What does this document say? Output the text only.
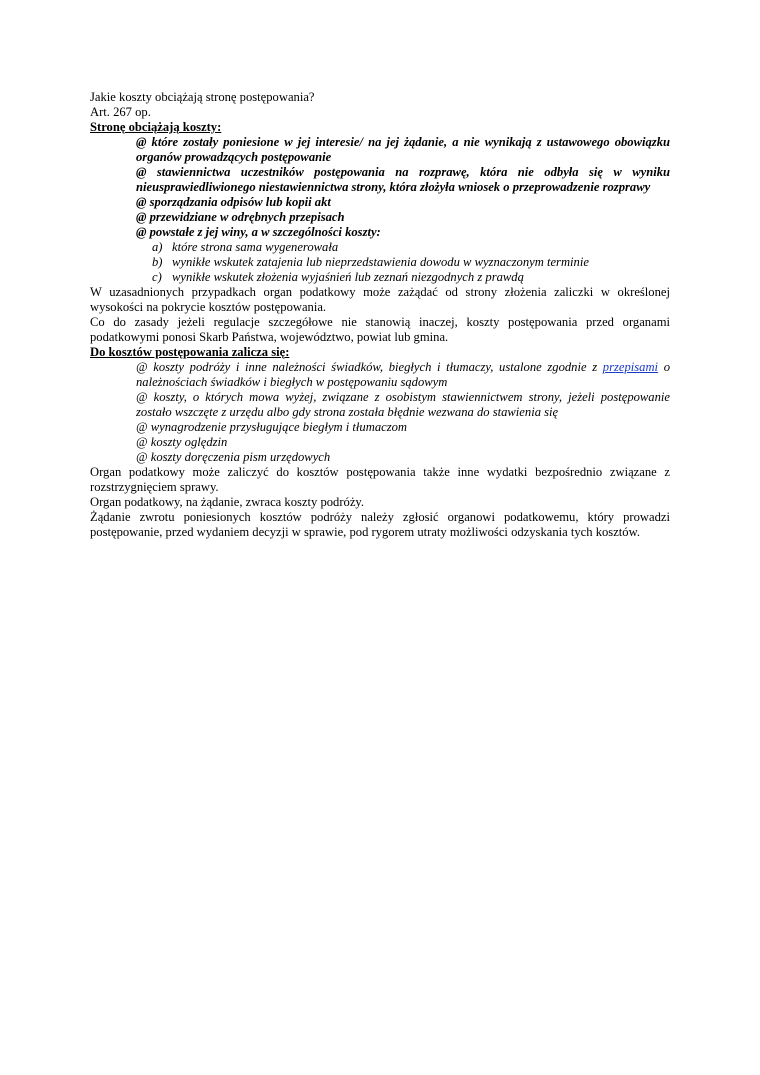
Jakie koszty obciążają stronę postępowania?

Art. 267 op.

Stronę obciążają koszty:

@ które zostały poniesione w jej interesie/ na jej żądanie, a nie wynikają z ustawowego obowiązku organów prowadzących postępowanie

@ stawiennictwa uczestników postępowania na rozprawę, która nie odbyła się w wyniku nieusprawiedliwionego niestawiennictwa strony, która złożyła wniosek o przeprowadzenie rozprawy

@ sporządzania odpisów lub kopii akt

@ przewidziane w odrębnych przepisach

@ powstałe z jej winy, a w szczególności koszty:

a) które strona sama wygenerowała
b) wynikłe wskutek zatajenia lub nieprzedstawienia dowodu w wyznaczonym terminie
c) wynikłe wskutek złożenia wyjaśnień lub zeznań niezgodnych z prawdą

W uzasadnionych przypadkach organ podatkowy może zażądać od strony złożenia zaliczki w określonej wysokości na pokrycie kosztów postępowania.

Co do zasady jeżeli regulacje szczegółowe nie stanowią inaczej, koszty postępowania przed organami podatkowymi ponosi Skarb Państwa, województwo, powiat lub gmina.

Do kosztów postępowania zalicza się:

@ koszty podróży i inne należności świadków, biegłych i tłumaczy, ustalone zgodnie z przepisami o należnościach świadków i biegłych w postępowaniu sądowym

@ koszty, o których mowa wyżej, związane z osobistym stawiennictwem strony, jeżeli postępowanie zostało wszczęte z urzędu albo gdy strona została błędnie wezwana do stawienia się

@ wynagrodzenie przysługujące biegłym i tłumaczom

@ koszty oględzin

@ koszty doręczenia pism urzędowych

Organ podatkowy może zaliczyć do kosztów postępowania także inne wydatki bezpośrednio związane z rozstrzygnięciem sprawy.

Organ podatkowy, na żądanie, zwraca koszty podróży.

Żądanie zwrotu poniesionych kosztów podróży należy zgłosić organowi podatkowemu, który prowadzi postępowanie, przed wydaniem decyzji w sprawie, pod rygorem utraty możliwości odzyskania tych kosztów.
